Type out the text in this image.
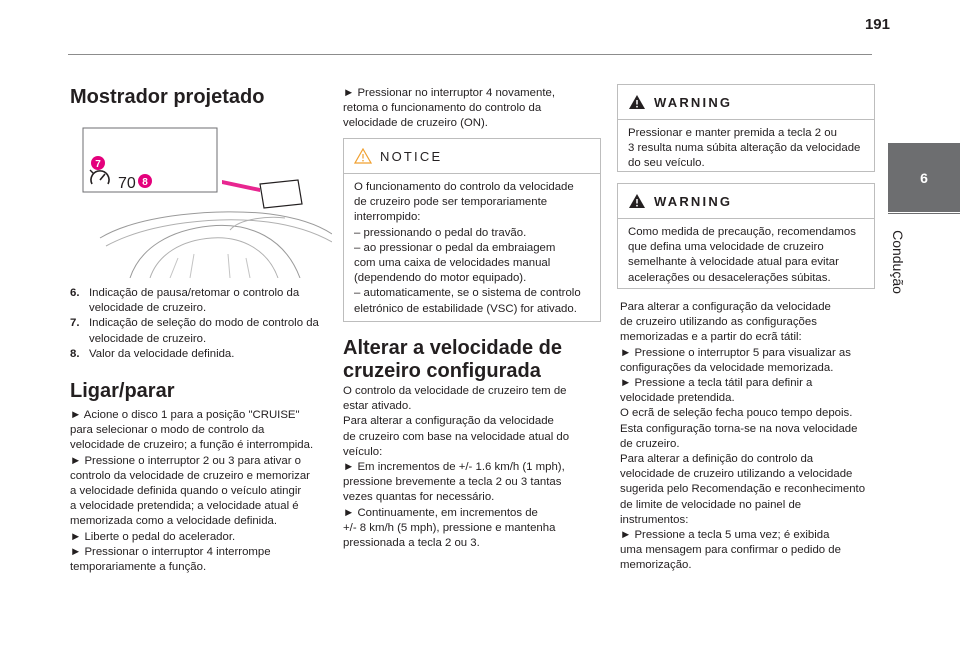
191
6
Condução
Mostrador projetado
70
7
8
6. Indicação de pausa/retomar o controlo da velocidade de cruzeiro.
7. Indicação de seleção do modo de controlo da velocidade de cruzeiro.
8. Valor da velocidade definida.
Ligar/parar
► Acione o disco 1 para a posição "CRUISE"
para selecionar o modo de controlo da
velocidade de cruzeiro; a função é interrompida.
► Pressione o interruptor 2 ou 3 para ativar o
controlo da velocidade de cruzeiro e memorizar
a velocidade definida quando o veículo atingir
a velocidade pretendida; a velocidade atual é
memorizada como a velocidade definida.
► Liberte o pedal do acelerador.
► Pressionar o interruptor 4 interrompe
temporariamente a função.
► Pressionar no interruptor 4 novamente,
retoma o funcionamento do controlo da
velocidade de cruzeiro (ON).
NOTICE
O funcionamento do controlo da velocidade
de cruzeiro pode ser temporariamente
interrompido:
– pressionando o pedal do travão.
– ao pressionar o pedal da embraiagem
com uma caixa de velocidades manual
(dependendo do motor equipado).
– automaticamente, se o sistema de controlo
eletrónico de estabilidade (VSC) for ativado.
Alterar a velocidade de cruzeiro configurada
O controlo da velocidade de cruzeiro tem de
estar ativado.
Para alterar a configuração da velocidade
de cruzeiro com base na velocidade atual do
veículo:
► Em incrementos de +/- 1.6 km/h (1 mph),
pressione brevemente a tecla 2 ou 3 tantas
vezes quantas for necessário.
► Continuamente, em incrementos de
+/- 8 km/h (5 mph), pressione e mantenha
pressionada a tecla 2 ou 3.
WARNING
Pressionar e manter premida a tecla 2 ou
3 resulta numa súbita alteração da velocidade
do seu veículo.
WARNING
Como medida de precaução, recomendamos
que defina uma velocidade de cruzeiro
semelhante à velocidade atual para evitar
acelerações ou desacelerações súbitas.
Para alterar a configuração da velocidade
de cruzeiro utilizando as configurações
memorizadas e a partir do ecrã tátil:
► Pressione o interruptor 5 para visualizar as
configurações da velocidade memorizada.
► Pressione a tecla tátil para definir a
velocidade pretendida.
O ecrã de seleção fecha pouco tempo depois.
Esta configuração torna-se na nova velocidade
de cruzeiro.
Para alterar a definição do controlo da
velocidade de cruzeiro utilizando a velocidade
sugerida pelo Recomendação e reconhecimento
de limite de velocidade no painel de
instrumentos:
► Pressione a tecla 5 uma vez; é exibida
uma mensagem para confirmar o pedido de
memorização.
